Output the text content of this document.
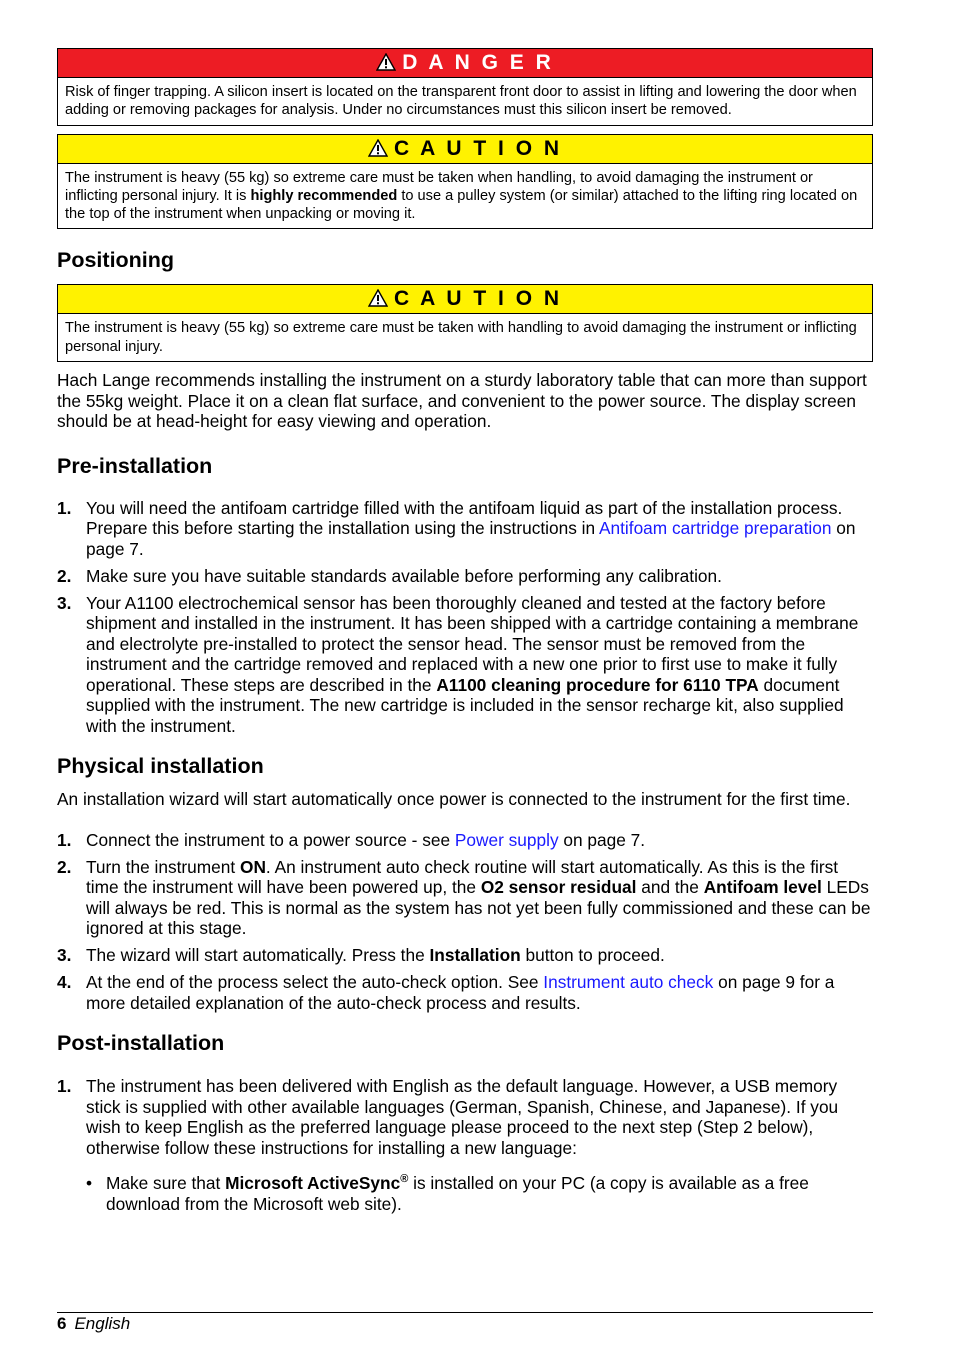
D A N G E R
Risk of finger trapping. A silicon insert is located on the transparent front door to assist in lifting and lowering the door when adding or removing packages for analysis. Under no circumstances must this silicon insert be removed.
C A U T I O N
The instrument is heavy (55 kg) so extreme care must be taken when handling, to avoid damaging the instrument or inflicting personal injury. It is highly recommended to use a pulley system (or similar) attached to the lifting ring located on the top of the instrument when unpacking or moving it.
Positioning
C A U T I O N
The instrument is heavy (55 kg) so extreme care must be taken with handling to avoid damaging the instrument or inflicting personal injury.

Hach Lange recommends installing the instrument on a sturdy laboratory table that can more than support the 55kg weight. Place it on a clean flat surface, and convenient to the power source. The display screen should be at head-height for easy viewing and operation.

Pre-installation
1. You will need the antifoam cartridge filled with the antifoam liquid as part of the installation process. Prepare this before starting the installation using the instructions in Antifoam cartridge preparation on page 7.
2. Make sure you have suitable standards available before performing any calibration.
3. Your A1100 electrochemical sensor has been thoroughly cleaned and tested at the factory before shipment and installed in the instrument. It has been shipped with a cartridge containing a membrane and electrolyte pre-installed to protect the sensor head. The sensor must be removed from the instrument and the cartridge removed and replaced with a new one prior to first use to make it fully operational. These steps are described in the A1100 cleaning procedure for 6110 TPA document supplied with the instrument. The new cartridge is included in the sensor recharge kit, also supplied with the instrument.
Physical installation

An installation wizard will start automatically once power is connected to the instrument for the first time.

1. Connect the instrument to a power source - see Power supply on page 7.
2. Turn the instrument ON. An instrument auto check routine will start automatically. As this is the first time the instrument will have been powered up, the O2 sensor residual and the Antifoam level LEDs will always be red. This is normal as the system has not yet been fully commissioned and these can be ignored at this stage.
3. The wizard will start automatically. Press the Installation button to proceed.
4. At the end of the process select the auto-check option. See Instrument auto check on page 9 for a more detailed explanation of the auto-check process and results.
Post-installation
1. The instrument has been delivered with English as the default language. However, a USB memory stick is supplied with other available languages (German, Spanish, Chinese, and Japanese). If you wish to keep English as the preferred language please proceed to the next step (Step 2 below), otherwise follow these instructions for installing a new language:
• Make sure that Microsoft ActiveSync® is installed on your PC (a copy is available as a free download from the Microsoft web site).
6 English
